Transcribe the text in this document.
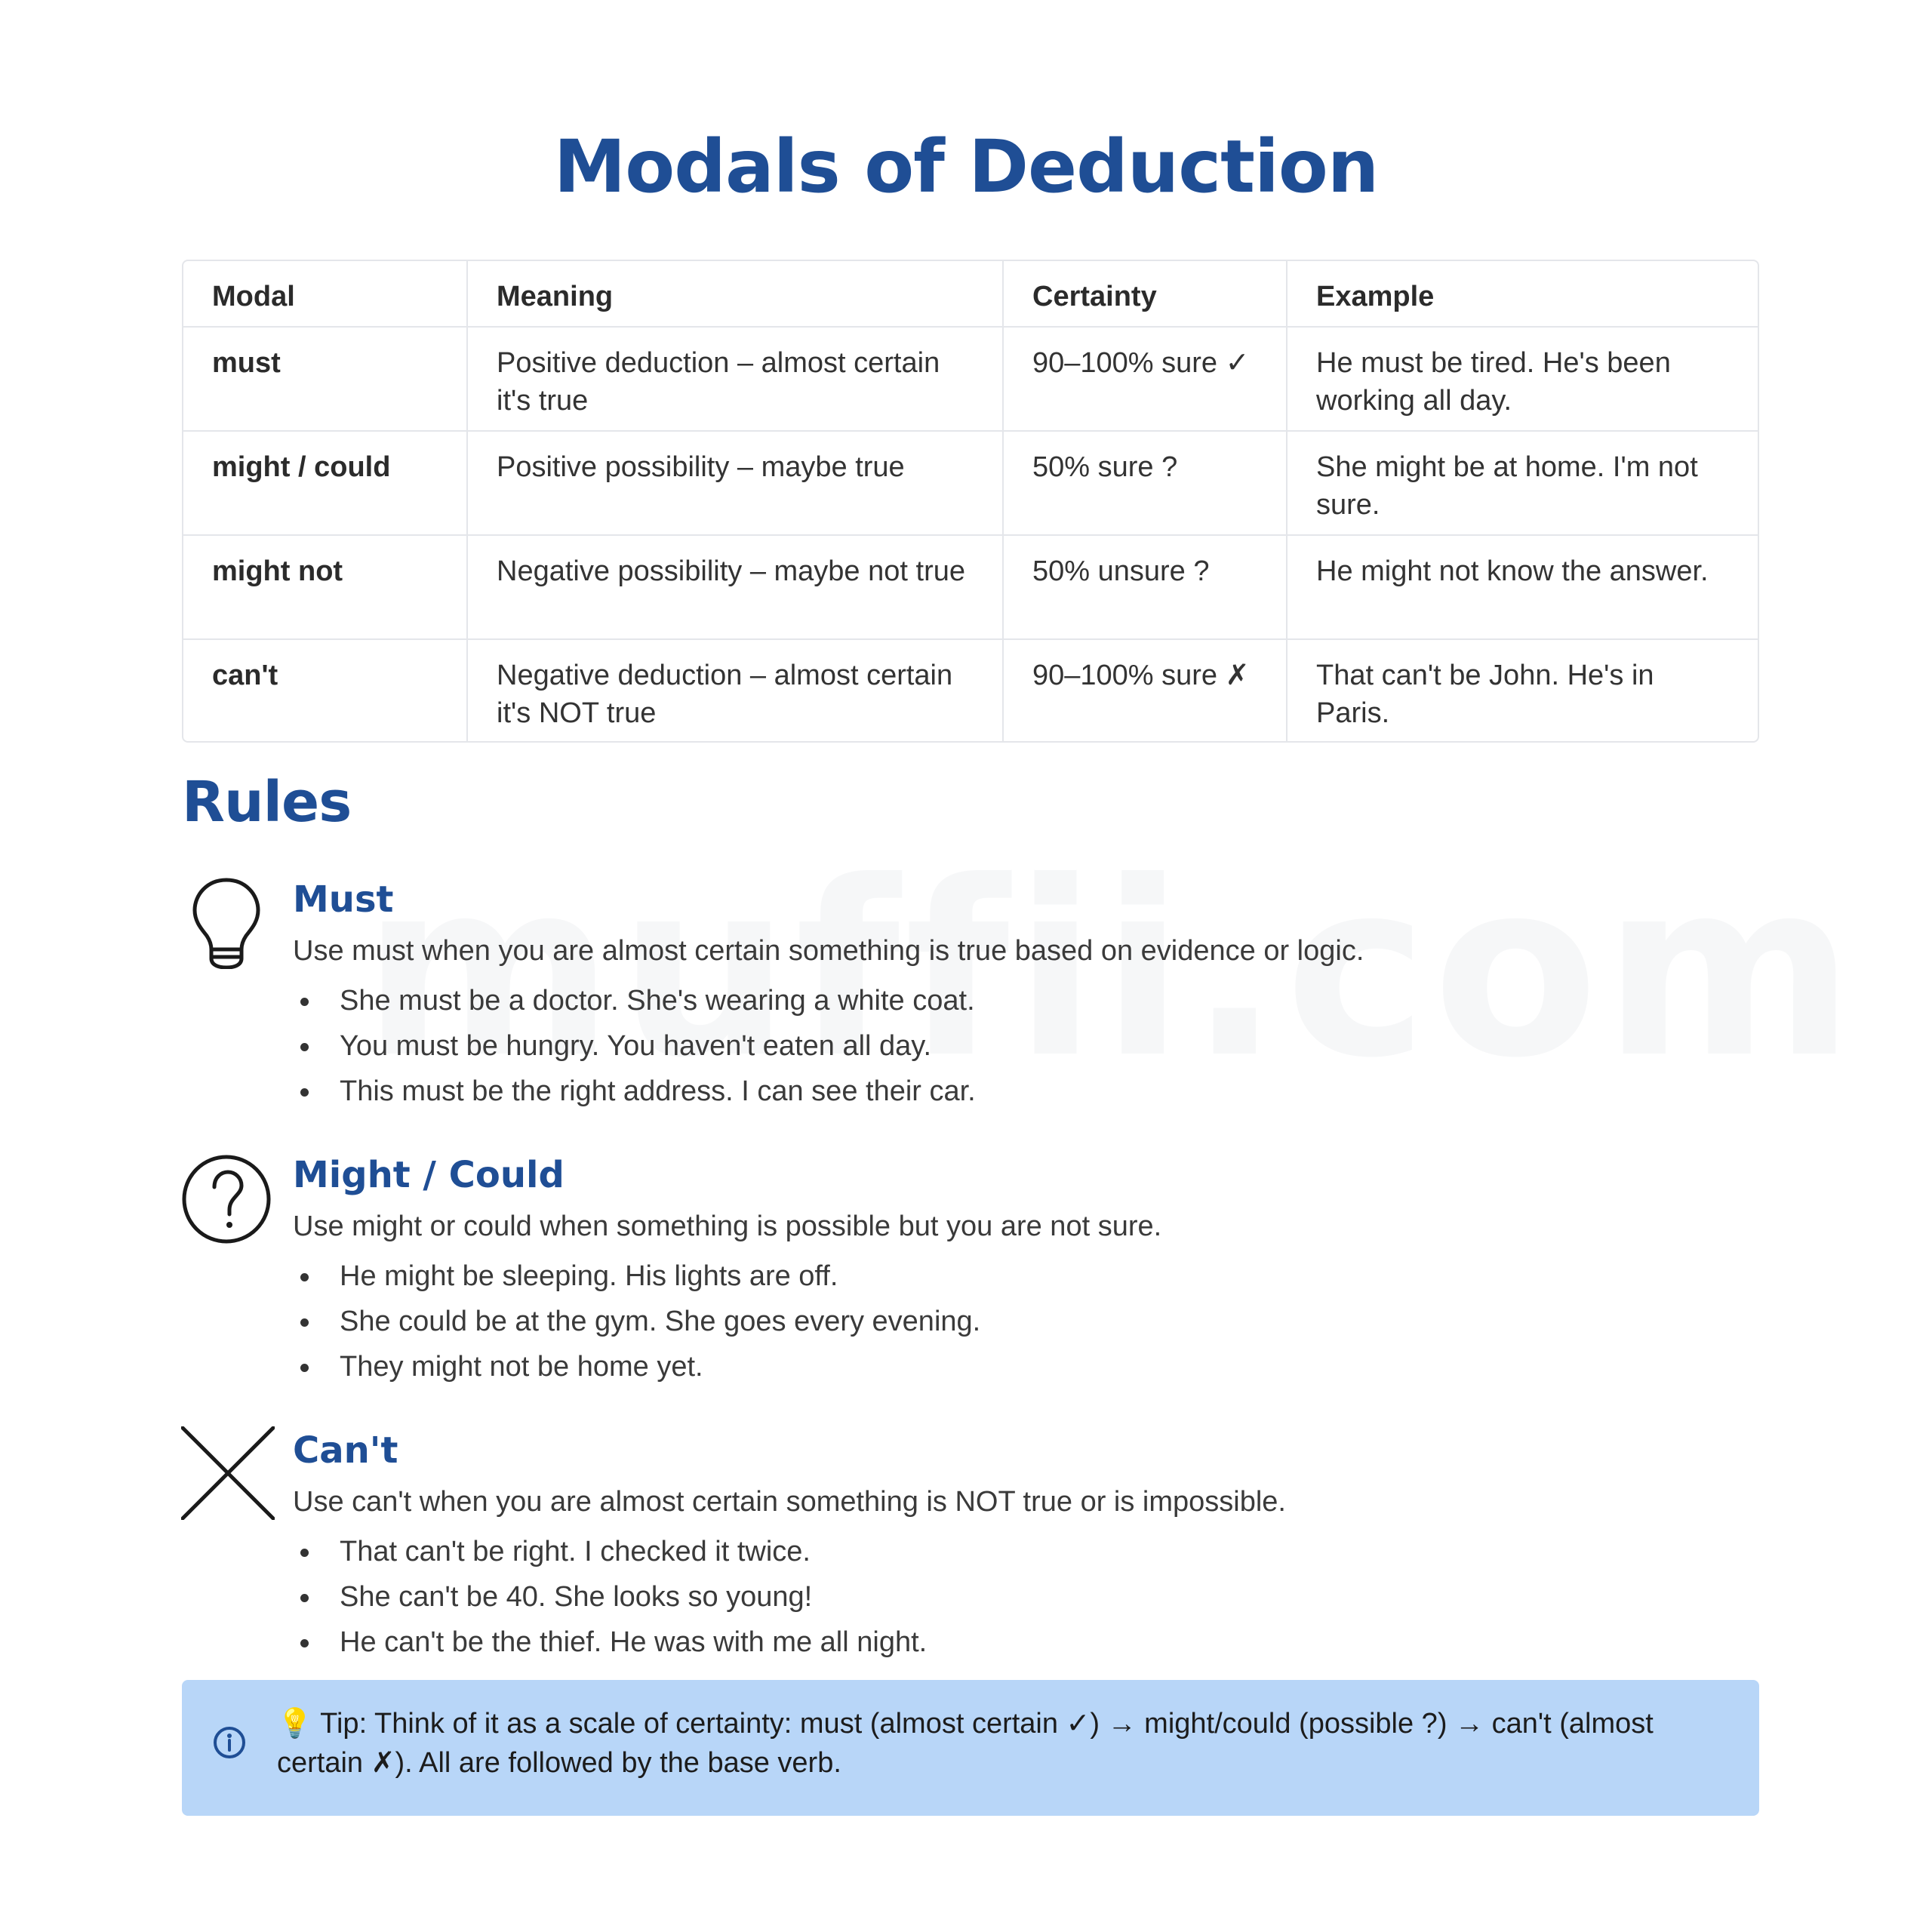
Modals of Deduction
Modal	Meaning	Certainty	Example
must	Positive deduction – almost certain it's true	90–100% sure ✓	He must be tired. He's been working all day.
might / could	Positive possibility – maybe true	50% sure ?	She might be at home. I'm not sure.
might not	Negative possibility – maybe not true	50% unsure ?	He might not know the answer.
can't	Negative deduction – almost certain it's NOT true	90–100% sure ✗	That can't be John. He's in Paris.
Rules
Must
Use must when you are almost certain something is true based on evidence or logic.
She must be a doctor. She's wearing a white coat.
You must be hungry. You haven't eaten all day.
This must be the right address. I can see their car.
Might / Could
Use might or could when something is possible but you are not sure.
He might be sleeping. His lights are off.
She could be at the gym. She goes every evening.
They might not be home yet.
Can't
Use can't when you are almost certain something is NOT true or is impossible.
That can't be right. I checked it twice.
She can't be 40. She looks so young!
He can't be the thief. He was with me all night.
💡 Tip: Think of it as a scale of certainty: must (almost certain ✓) → might/could (possible ?) → can't (almost certain ✗). All are followed by the base verb.
